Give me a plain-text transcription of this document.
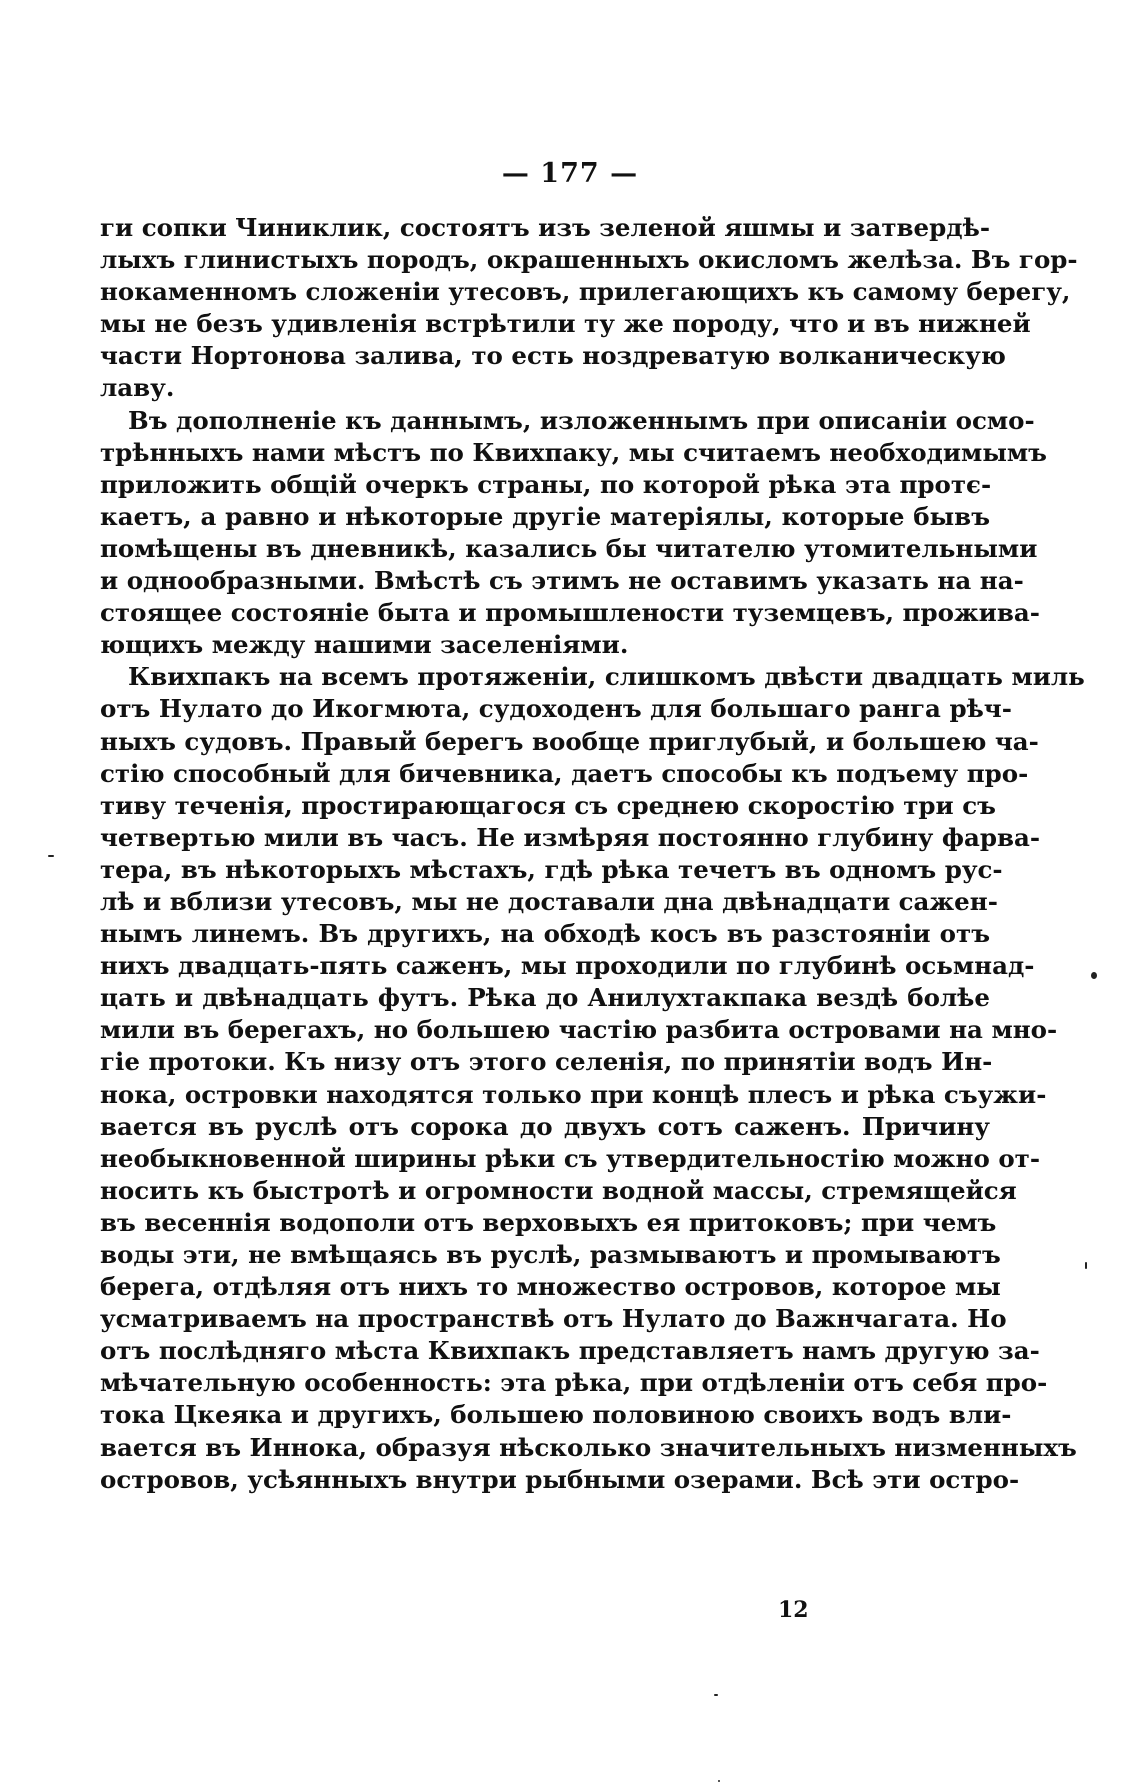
— 177 —
ги сопки Чиниклик, состоятъ изъ зеленой яшмы и затвердѣ-
лыхъ глинистыхъ породъ, окрашенныхъ окисломъ желѣза. Въ гор-
нокаменномъ сложеніи утесовъ, прилегающихъ къ самому берегу,
мы не безъ удивленія встрѣтили ту же породу, что и въ нижней
части Нортонова залива, то есть ноздреватую волканическую
лаву.
Въ дополненіе къ даннымъ, изложеннымъ при описаніи осмо-
трѣнныхъ нами мѣстъ по Квихпаку, мы считаемъ необходимымъ
приложить общій очеркъ страны, по которой рѣка эта протє-
каетъ, а равно и нѣкоторые другіе матеріялы, которые бывъ
помѣщены въ дневникѣ, казались бы читателю утомительными
и однообразными. Вмѣстѣ съ этимъ не оставимъ указать на на-
стоящее состояніе быта и промышлености туземцевъ, прожива-
ющихъ между нашими заселеніями.
Квихпакъ на всемъ протяженіи, слишкомъ двѣсти двадцать миль
отъ Нулато до Икогмюта, судоходенъ для большаго ранга рѣч-
ныхъ судовъ. Правый берегъ вообще приглубый, и большею ча-
стію способный для бичевника, даетъ способы къ подъему про-
тиву теченія, простирающагося съ среднею скоростію три съ
четвертью мили въ часъ. Не измѣряя постоянно глубину фарва-
тера, въ нѣкоторыхъ мѣстахъ, гдѣ рѣка течетъ въ одномъ рус-
лѣ и вблизи утесовъ, мы не доставали дна двѣнадцати сажен-
нымъ линемъ. Въ другихъ, на обходѣ косъ въ разстояніи отъ
нихъ двадцать-пять саженъ, мы проходили по глубинѣ осьмнад-
цать и двѣнадцать футъ. Рѣка до Анилухтакпака вездѣ болѣе
мили въ берегахъ, но большею частію разбита островами на мно-
гіе протоки. Къ низу отъ этого селенія, по принятіи водъ Ин-
нока, островки находятся только при концѣ плесъ и рѣка съужи-
вается въ руслѣ отъ сорока до двухъ сотъ саженъ. Причину
необыкновенной ширины рѣки съ утвердительностію можно от-
носить къ быстротѣ и огромности водной массы, стремящейся
въ весеннія водополи отъ верховыхъ ея притоковъ; при чемъ
воды эти, не вмѣщаясь въ руслѣ, размываютъ и промываютъ
берега, отдѣляя отъ нихъ то множество островов, которое мы
усматриваемъ на пространствѣ отъ Нулато до Важнчагата. Но
отъ послѣдняго мѣста Квихпакъ представляетъ намъ другую за-
мѣчательную особенность: эта рѣка, при отдѣленіи отъ себя про-
тока Цкеяка и другихъ, большею половиною своихъ водъ вли-
вается въ Иннока, образуя нѣсколько значительныхъ низменныхъ
островов, усѣянныхъ внутри рыбными озерами. Всѣ эти остро-
12
